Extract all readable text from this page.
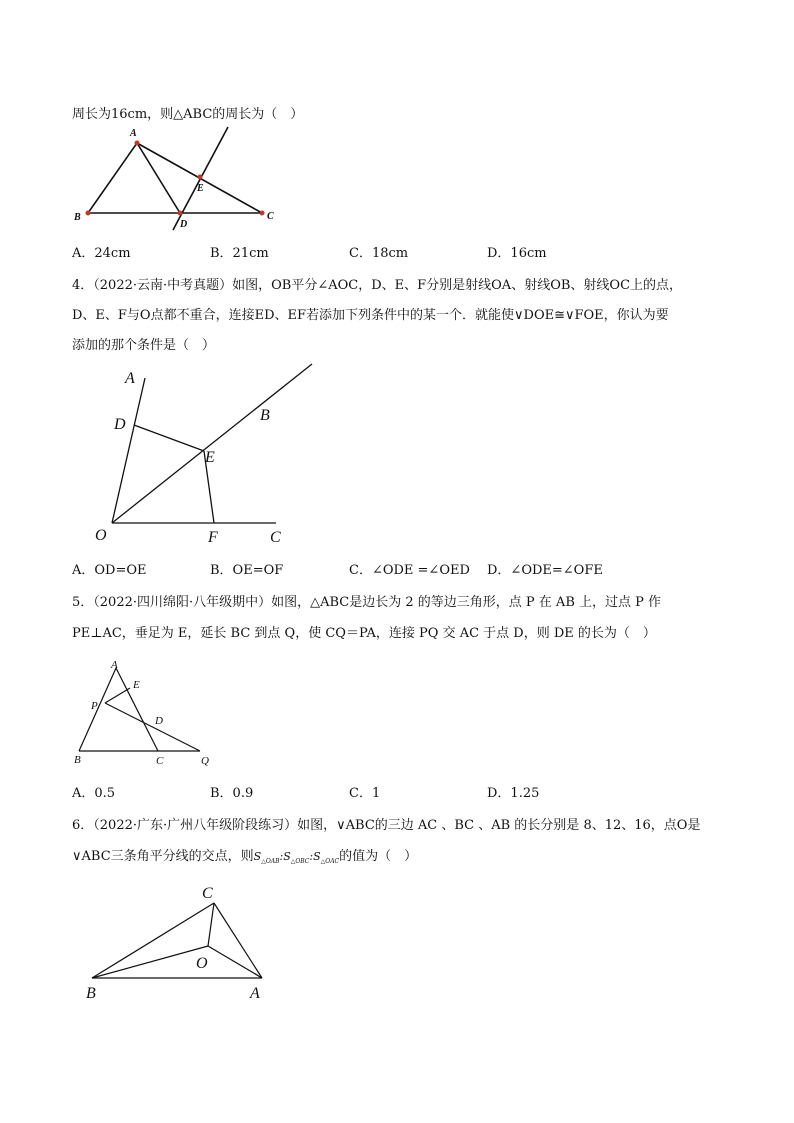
周长为16cm，则△ABC的周长为（　）
A
B	C
D
E
A．24cm	B．21cm	C．18cm	D．16cm
4．（2022·云南·中考真题）如图，OB平分∠AOC，D、E、F分别是射线OA、射线OB、射线OC上的点，
D、E、F与O点都不重合，连接ED、EF若添加下列条件中的某一个．就能使∨DOE≅∨FOE，你认为要
添加的那个条件是（　）
A
B
C
D
E
F
O
A．OD=OE	B．OE=OF	C．∠ODE =∠OED D．∠ODE=∠OFE
5．（2022·四川绵阳·八年级期中）如图，△ABC是边长为 2 的等边三角形，点 P 在 AB 上，过点 P 作
PE⊥AC，垂足为 E，延长 BC 到点 Q，使 CQ＝PA，连接 PQ 交 AC 于点 D，则 DE 的长为（　）
A
B	C
D
E
P
Q
A．0.5	B．0.9	C．1	D．1.25
6．（2022·广东·广州八年级阶段练习）如图，∨ABC的三边 AC 、BC 、AB 的长分别是 8、12、16，点O是
∨ABC三条角平分线的交点，则$S_{\triangle OAB}:S_{\triangle OBC}:S_{\triangle OAC}$的值为（　）
C
O
B	A
